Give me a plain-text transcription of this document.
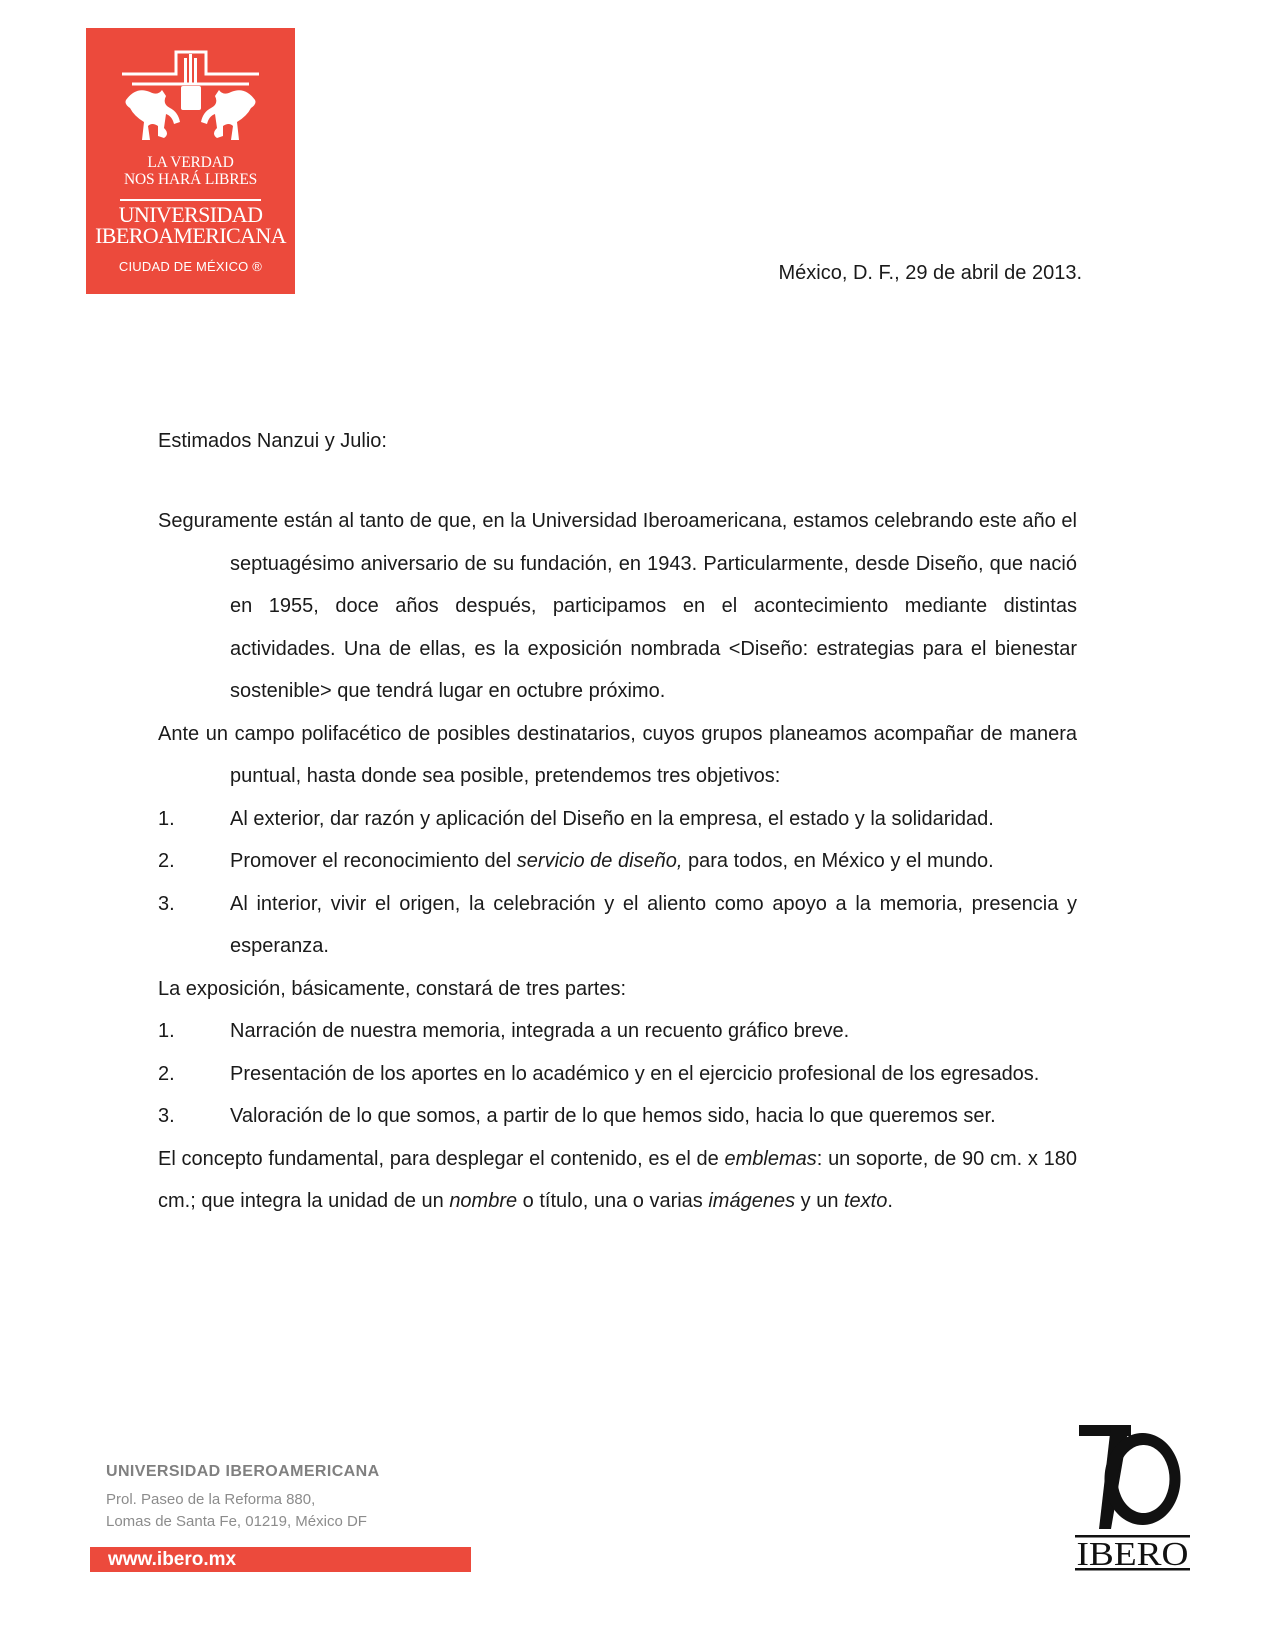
LA VERDAD
NOS HARÁ LIBRES
UNIVERSIDAD
IBEROAMERICANA
CIUDAD DE MÉXICO ®	México, D. F., 29 de abril de 2013.
Estimados Nanzui y Julio:
Seguramente están al tanto de que, en la Universidad Iberoamericana, estamos celebrando este año el septuagésimo aniversario de su fundación, en 1943. Particularmente, desde Diseño, que nació en 1955, doce años después, participamos en el acontecimiento mediante distintas actividades. Una de ellas, es la exposición nombrada <Diseño: estrategias para el bienestar sostenible> que tendrá lugar en octubre próximo.
Ante un campo polifacético de posibles destinatarios, cuyos grupos planeamos acompañar de manera puntual, hasta donde sea posible, pretendemos tres objetivos:
1.	Al exterior, dar razón y aplicación del Diseño en la empresa, el estado y la solidaridad.
2.	Promover el reconocimiento del servicio de diseño, para todos, en México y el mundo.
3.	Al interior, vivir el origen, la celebración y el aliento como apoyo a la memoria, presencia y esperanza.
La exposición, básicamente, constará de tres partes:
1.	Narración de nuestra memoria, integrada a un recuento gráfico breve.
2.	Presentación de los aportes en lo académico y en el ejercicio profesional de los egresados.
3.	Valoración de lo que somos, a partir de lo que hemos sido, hacia lo que queremos ser.
El concepto fundamental, para desplegar el contenido, es el de emblemas: un soporte, de 90 cm. x 180 cm.; que integra la unidad de un nombre o título, una o varias imágenes y un texto.
UNIVERSIDAD IBEROAMERICANA
Prol. Paseo de la Reforma 880,
Lomas de Santa Fe, 01219, México DF
www.ibero.mx	IBERO
